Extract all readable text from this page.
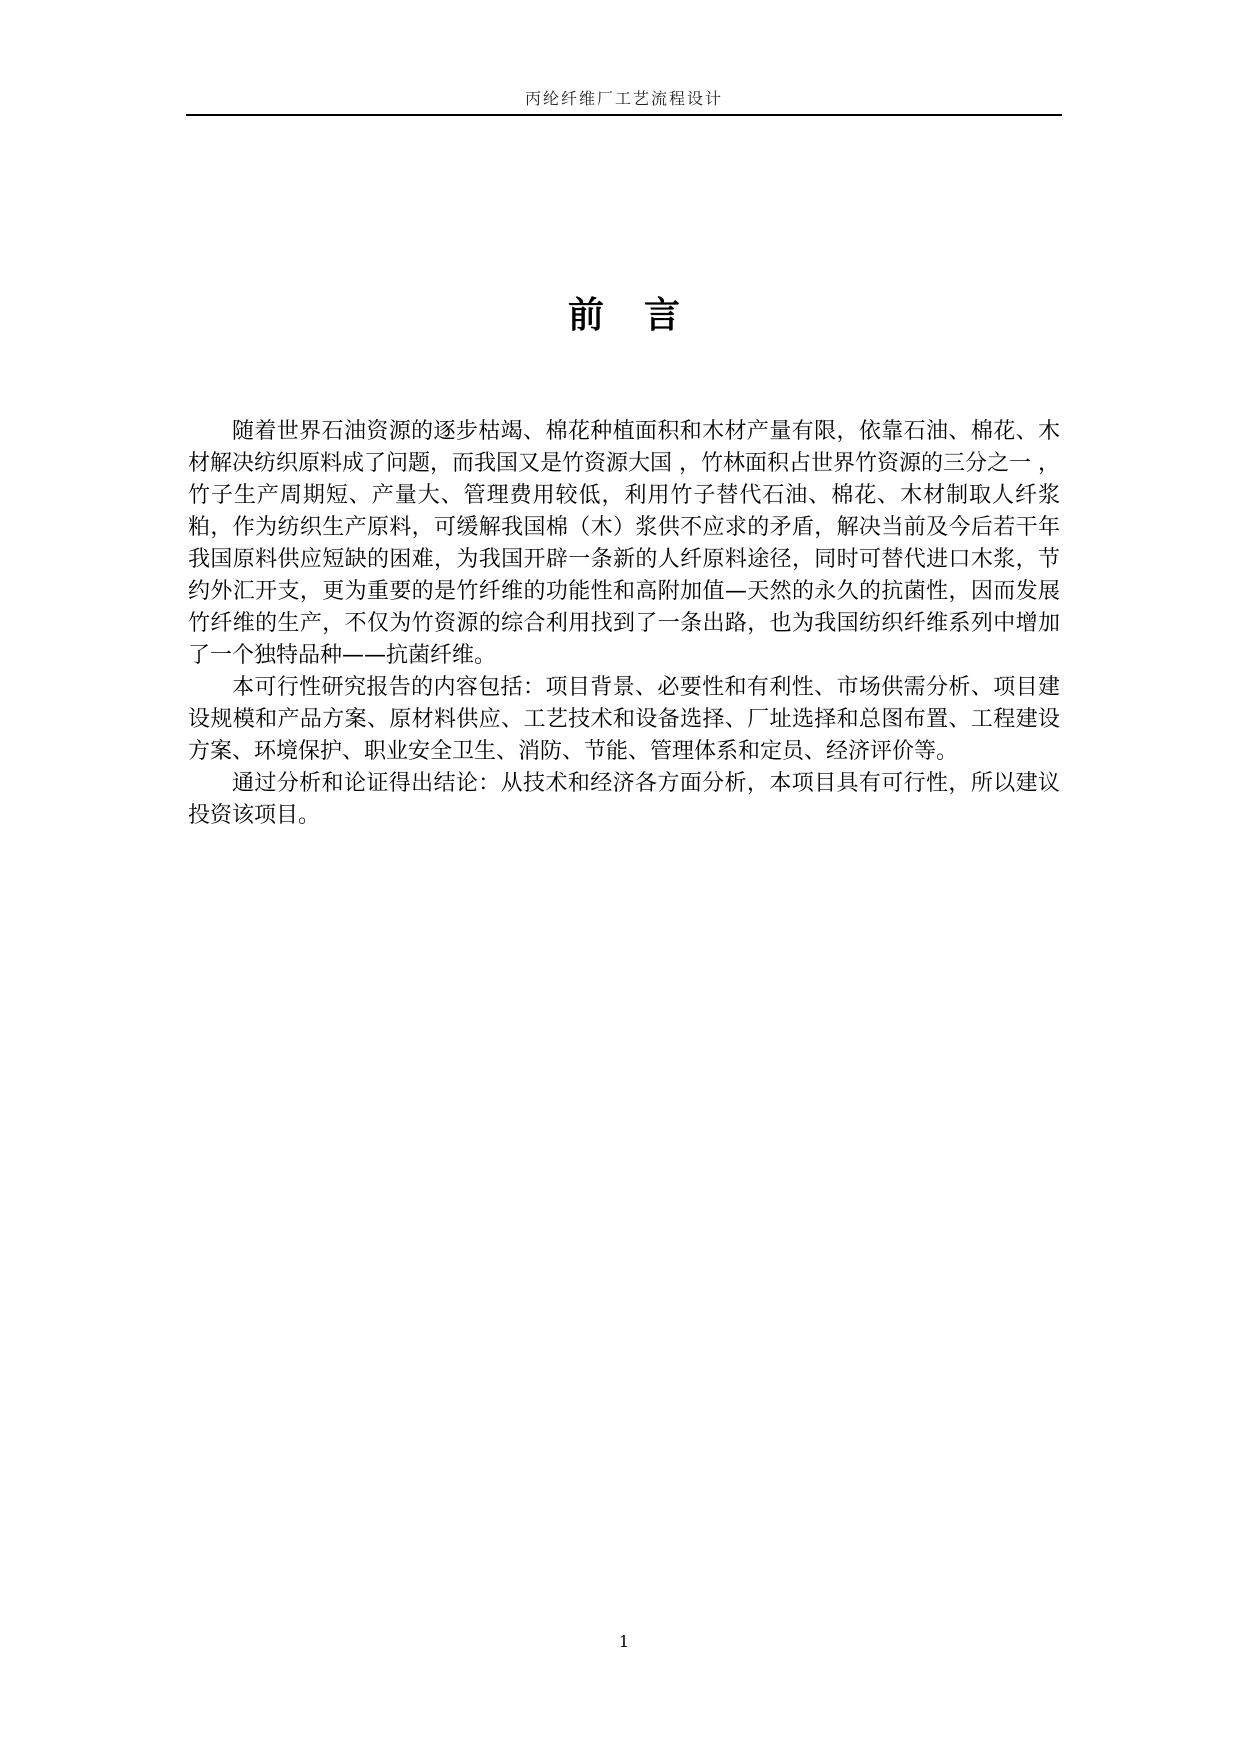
丙纶纤维厂工艺流程设计
前言

随着世界石油资源的逐步枯竭、棉花种植面积和木材产量有限，依靠石油、棉花、木材解决纺织原料成了问题，而我国又是竹资源大国 ，竹林面积占世界竹资源的三分之一 ，竹子生产周期短、产量大、管理费用较低，利用竹子替代石油、棉花、木材制取人纤浆粕，作为纺织生产原料，可缓解我国棉（木）浆供不应求的矛盾，解决当前及今后若干年我国原料供应短缺的困难，为我国开辟一条新的人纤原料途径，同时可替代进口木浆，节约外汇开支，更为重要的是竹纤维的功能性和高附加值—天然的永久的抗菌性，因而发展竹纤维的生产，不仅为竹资源的综合利用找到了一条出路，也为我国纺织纤维系列中增加了一个独特品种——抗菌纤维。

本可行性研究报告的内容包括：项目背景、必要性和有利性、市场供需分析、项目建设规模和产品方案、原材料供应、工艺技术和设备选择、厂址选择和总图布置、工程建设方案、环境保护、职业安全卫生、消防、节能、管理体系和定员、经济评价等。

通过分析和论证得出结论：从技术和经济各方面分析，本项目具有可行性，所以建议投资该项目。

1
